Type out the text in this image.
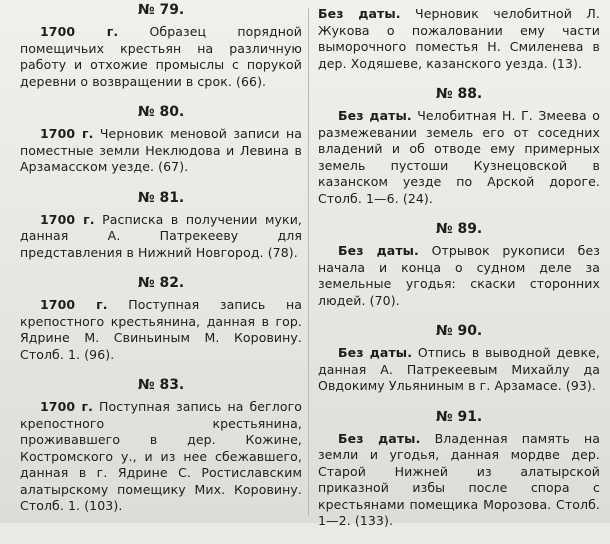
№ 79.

1700 г. Образец порядной помещичьих крестьян на различную работу и отхожие промыслы с порукой деревни о возвращении в срок. (66).

№ 80.

1700 г. Черновик меновой записи на поместные земли Неклюдова и Левина в Арзамасском уезде. (67).

№ 81.

1700 г. Расписка в получении муки, данная А. Патрекееву для представления в Нижний Новгород. (78).

№ 82.

1700 г. Поступная запись на крепостного крестьянина, данная в гор. Ядрине М. Свиньиным М. Коровину. Столб. 1. (96).

№ 83.

1700 г. Поступная запись на беглого крепостного крестьянина, проживавшего в дер. Кожине, Костромского у., и из нее сбежавшего, данная в г. Ядрине С. Ростиславским алатырскому помещику Мих. Коровину. Столб. 1. (103).

Без даты. Черновик челобитной Л. Жукова о пожаловании ему части выморочного поместья Н. Смиленева в дер. Ходяшеве, казанского уезда. (13).

№ 88.

Без даты. Челобитная Н. Г. Змеева о размежевании земель его от соседних владений и об отводе ему примерных земель пустоши Кузнецовской в казанском уезде по Арской дороге. Столб. 1—6. (24).

№ 89.

Без даты. Отрывок рукописи без начала и конца о судном деле за земельные угодья: скаски сторонних людей. (70).

№ 90.

Без даты. Отпись в выводной девке, данная А. Патрекеевым Михайлу да Овдокиму Ульяниным в г. Арзамасе. (93).

№ 91.

Без даты. Владенная память на земли и угодья, данная мордве дер. Старой Нижней из алатырской приказной избы после спора с крестьянами помещика Морозова. Столб. 1—2. (133).
